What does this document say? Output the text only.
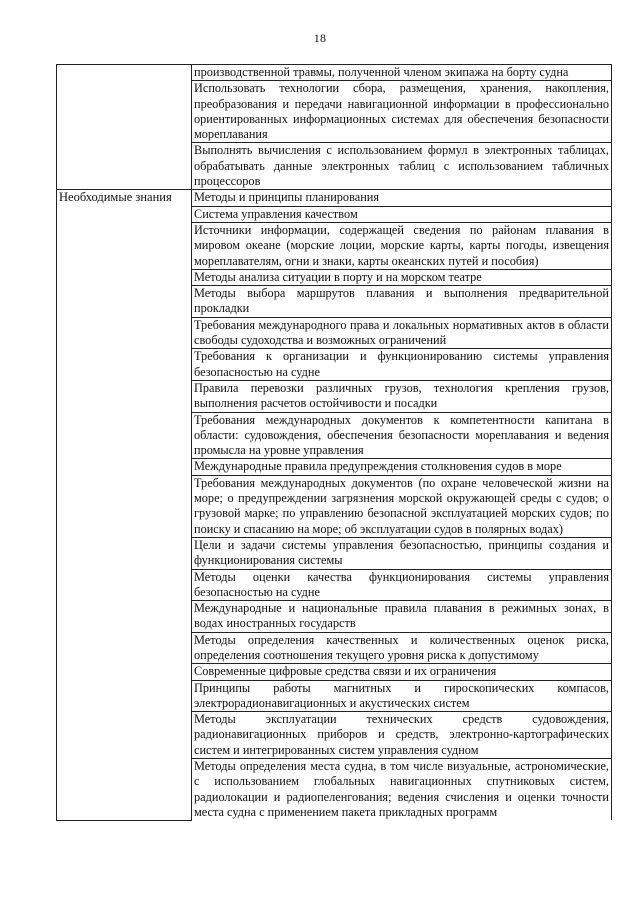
18
	производственной травмы, полученной членом экипажа на борту судна
	Использовать технологии сбора, размещения, хранения, накопления, преобразования и передачи навигационной информации в профессионально ориентированных информационных системах для обеспечения безопасности мореплавания
	Выполнять вычисления с использованием формул в электронных таблицах, обрабатывать данные электронных таблиц с использованием табличных процессоров
Необходимые знания	Методы и принципы планирования
	Система управления качеством
	Источники информации, содержащей сведения по районам плавания в мировом океане (морские лоции, морские карты, карты погоды, извещения мореплавателям, огни и знаки, карты океанских путей и пособия)
	Методы анализа ситуации в порту и на морском театре
	Методы выбора маршрутов плавания и выполнения предварительной прокладки
	Требования международного права и локальных нормативных актов в области свободы судоходства и возможных ограничений
	Требования к организации и функционированию системы управления безопасностью на судне
	Правила перевозки различных грузов, технология крепления грузов, выполнения расчетов остойчивости и посадки
	Требования международных документов к компетентности капитана в области: судовождения, обеспечения безопасности мореплавания и ведения промысла на уровне управления
	Международные правила предупреждения столкновения судов в море
	Требования международных документов (по охране человеческой жизни на море; о предупреждении загрязнения морской окружающей среды с судов; о грузовой марке; по управлению безопасной эксплуатацией морских судов; по поиску и спасанию на море; об эксплуатации судов в полярных водах)
	Цели и задачи системы управления безопасностью, принципы создания и функционирования системы
	Методы оценки качества функционирования системы управления безопасностью на судне
	Международные и национальные правила плавания в режимных зонах, в водах иностранных государств
	Методы определения качественных и количественных оценок риска, определения соотношения текущего уровня риска к допустимому
	Современные цифровые средства связи и их ограничения
	Принципы работы магнитных и гироскопических компасов, электрорадионавигационных и акустических систем
	Методы эксплуатации технических средств судовождения, радионавигационных приборов и средств, электронно-картографических систем и интегрированных систем управления судном
	Методы определения места судна, в том числе визуальные, астрономические, с использованием глобальных навигационных спутниковых систем, радиолокации и радиопеленгования; ведения счисления и оценки точности места судна с применением пакета прикладных программ
